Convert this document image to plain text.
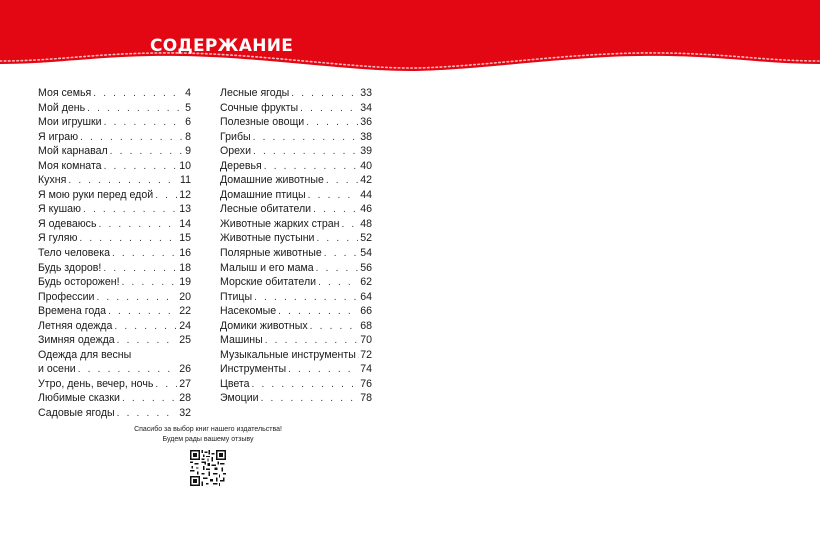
СОДЕРЖАНИЕ
Моя семья . . .	4
Мой день . . .	5
Мои игрушки . . .	6
Я играю . . .	8
Мой карнавал . . .	9
Моя комната . . .	10
Кухня . . .	11
Я мою руки перед едой . . . 12
Я кушаю . . .	13
Я одеваюсь . . .	14
Я гуляю . . .	15
Тело человека . . .	16
Будь здоров! . . .	18
Будь осторожен! . . .	19
Профессии . . .	20
Времена года . . .	22
Летняя одежда . . .	24
Зимняя одежда . . .	25
Одежда для весны
и осени . . .	26
Утро, день, вечер, ночь . . . 27
Любимые сказки . . .	28
Садовые ягоды . . .	32
Лесные ягоды . . .	33
Сочные фрукты . . .	34
Полезные овощи . . .	36
Грибы . . .	38
Орехи . . .	39
Деревья . . .	40
Домашние животные . . .	42
Домашние птицы . . .	44
Лесные обитатели . . .	46
Животные жарких стран . . . 48
Животные пустыни . . .	52
Полярные животные . . .	54
Малыш и его мама . . .	56
Морские обитатели . . .	62
Птицы . . .	64
Насекомые . . .	66
Домики животных . . .	68
Машины . . .	70
Музыкальные инструменты . . . 72
Инструменты . . .	74
Цвета . . .	76
Эмоции . . .	78
Спасибо за выбор книг нашего издательства!
Будем рады вашему отзыву
